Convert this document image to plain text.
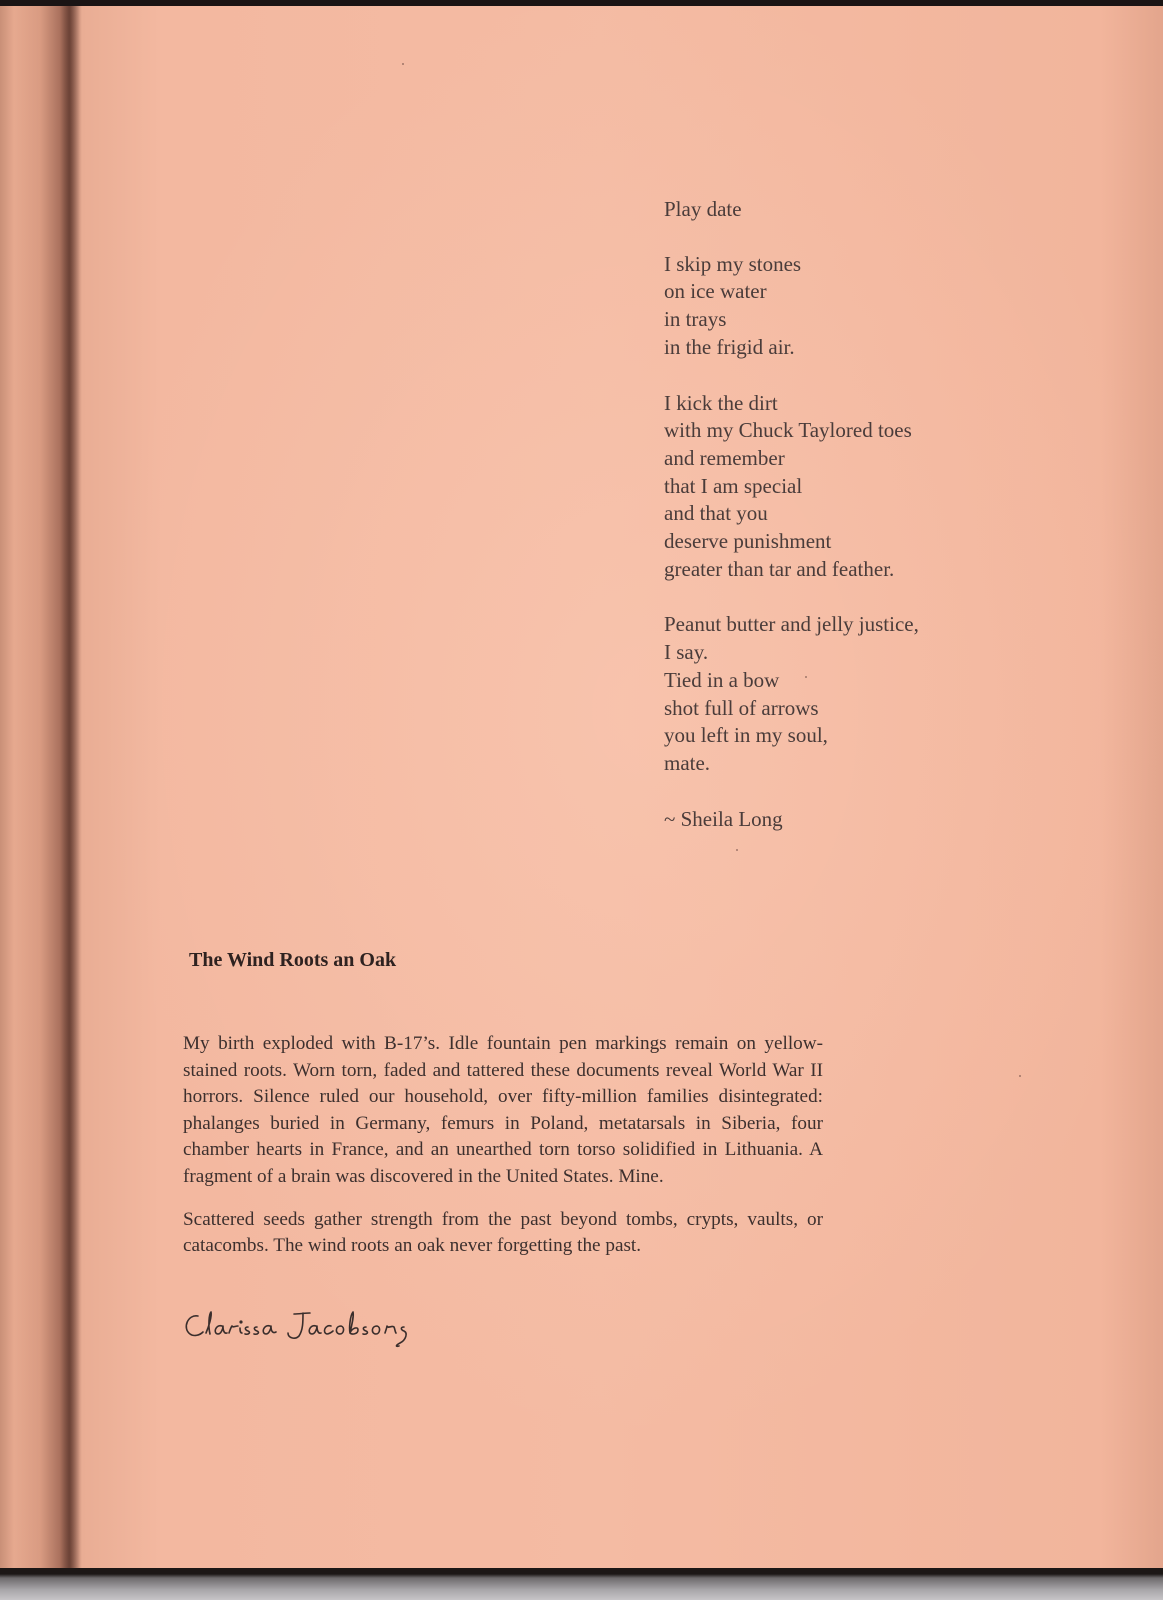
Play date
I skip my stones
on ice water
in trays
in the frigid air.
I kick the dirt
with my Chuck Taylored toes
and remember
that I am special
and that you
deserve punishment
greater than tar and feather.
Peanut butter and jelly justice,
I say.
Tied in a bow
shot full of arrows
you left in my soul,
mate.
~ Sheila Long
The Wind Roots an Oak

My birth exploded with B-17’s. Idle fountain pen markings remain on yellow-stained roots. Worn torn, faded and tattered these documents reveal World War II horrors. Silence ruled our household, over fifty-million families disintegrated: phalanges buried in Germany, femurs in Poland, metatarsals in Siberia, four chamber hearts in France, and an unearthed torn torso solidified in Lithuania. A fragment of a brain was discovered in the United States. Mine.

Scattered seeds gather strength from the past beyond tombs, crypts, vaults, or catacombs. The wind roots an oak never forgetting the past.
